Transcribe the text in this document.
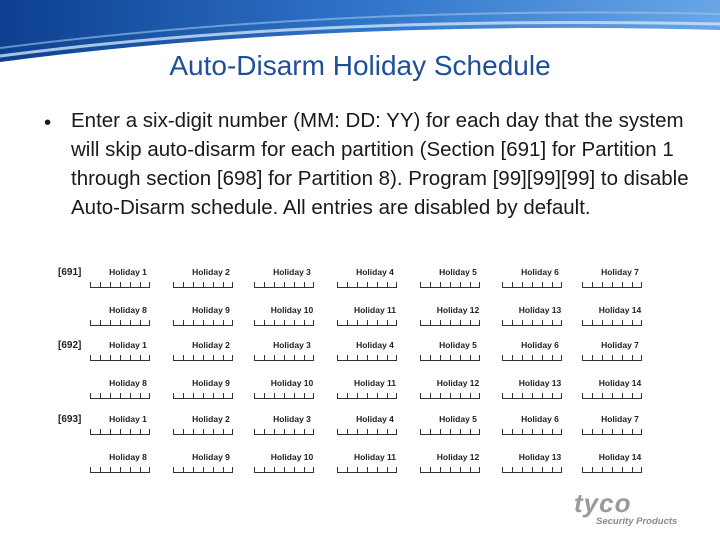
Auto-Disarm Holiday Schedule
• Enter a six-digit number (MM: DD: YY) for each day that the system will skip auto-disarm for each partition (Section [691] for Partition 1 through section [698] for Partition 8). Program [99][99][99] to disable Auto-Disarm schedule. All entries are disabled by default.
[691]	Holiday 1	Holiday 2	Holiday 3	Holiday 4	Holiday 5	Holiday 6	Holiday 7
Holiday 8	Holiday 9	Holiday 10	Holiday 11	Holiday 12	Holiday 13	Holiday 14
[692]	Holiday 1	Holiday 2	Holiday 3	Holiday 4	Holiday 5	Holiday 6	Holiday 7
Holiday 8	Holiday 9	Holiday 10	Holiday 11	Holiday 12	Holiday 13	Holiday 14
[693]	Holiday 1	Holiday 2	Holiday 3	Holiday 4	Holiday 5	Holiday 6	Holiday 7
Holiday 8	Holiday 9	Holiday 10	Holiday 11	Holiday 12	Holiday 13	Holiday 14
tyco
Security Products
